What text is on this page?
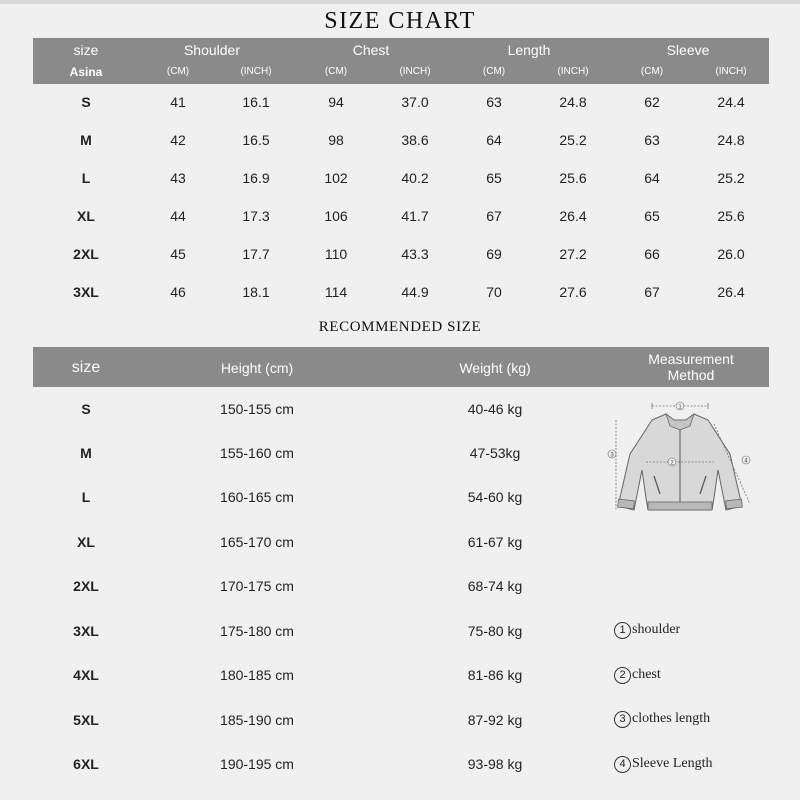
SIZE CHART
size
Asina
Shoulder	Chest	Length	Sleeve
(CM)	(INCH)	(CM)	(INCH)	(CM)	(INCH)	(CM)	(INCH)
S	41	16.1	94	37.0	63	24.8	62	24.4
M	42	16.5	98	38.6	64	25.2	63	24.8
L	43	16.9	102	40.2	65	25.6	64	25.2
XL	44	17.3	106	41.7	67	26.4	65	25.6
2XL	45	17.7	110	43.3	69	27.2	66	26.0
3XL	46	18.1	114	44.9	70	27.6	67	26.4
RECOMMENDED SIZE
size	Height (cm)	Weight (kg)
Measurement
Method
S	150-155 cm	40-46 kg
M	155-160 cm	47-53kg
L	160-165 cm	54-60 kg
XL	165-170 cm	61-67 kg
2XL	170-175 cm	68-74 kg
3XL	175-180 cm	75-80 kg
4XL	180-185 cm	81-86 kg
5XL	185-190 cm	87-92 kg
6XL	190-195 cm	93-98 kg
1
2
3
4
1 shoulder
2 chest
3 clothes length
4 Sleeve Length
